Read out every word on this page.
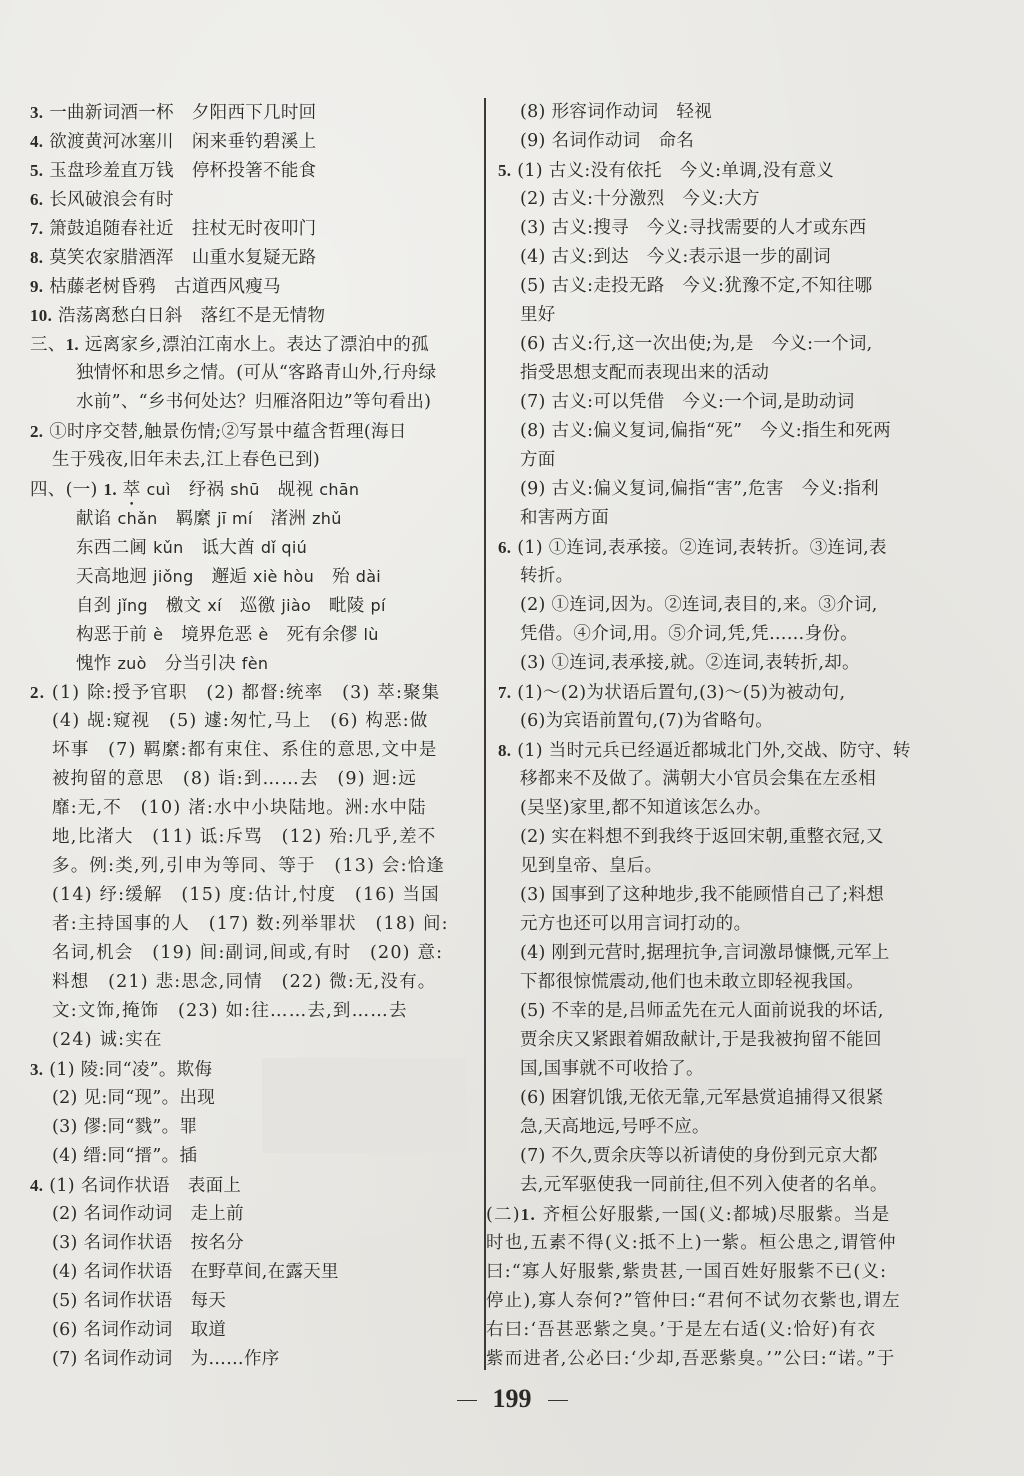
3. 一曲新词酒一杯 夕阳西下几时回
4. 欲渡黄河冰塞川 闲来垂钓碧溪上
5. 玉盘珍羞直万钱 停杯投箸不能食
6. 长风破浪会有时
7. 箫鼓追随春社近 拄杖无时夜叩门
8. 莫笑农家腊酒浑 山重水复疑无路
9. 枯藤老树昏鸦 古道西风瘦马
10. 浩荡离愁白日斜 落红不是无情物
三、1. 远离家乡,漂泊江南水上。表达了漂泊中的孤
独情怀和思乡之情。(可从“客路青山外,行舟绿
水前”、“乡书何处达？归雁洛阳边”等句看出)
2. ①时序交替,触景伤情;②写景中蕴含哲理(海日
生于残夜,旧年未去,江上春色已到)
四、(一) 1. 萃 cuì 纾祸 shū 觇视 chān
献谄 chǎn 羁縻 jī mí 渚洲 zhǔ
东西二阃 kǔn 诋大酋 dǐ qiú
天高地迥 jiǒng 邂逅 xiè hòu 殆 dài
自刭 jǐng 檄文 xí 巡徼 jiào 毗陵 pí
构恶于前 è 境界危恶 è 死有余僇 lù
愧怍 zuò 分当引决 fèn
2. (1) 除:授予官职　(2) 都督:统率　(3) 萃:聚集
(4) 觇:窥视　(5) 遽:匆忙,马上　(6) 构恶:做
坏事　(7) 羁縻:都有束住、系住的意思,文中是
被拘留的意思　(8) 诣:到……去　(9) 迥:远
靡:无,不　(10) 渚:水中小块陆地。洲:水中陆
地,比渚大　(11) 诋:斥骂　(12) 殆:几乎,差不
多。例:类,列,引申为等同、等于　(13) 会:恰逢
(14) 纾:缓解　(15) 度:估计,忖度　(16) 当国
者:主持国事的人　(17) 数:列举罪状　(18) 间:
名词,机会　(19) 间:副词,间或,有时　(20) 意:
料想　(21) 悲:思念,同情　(22) 微:无,没有。
文:文饰,掩饰　(23) 如:往……去,到……去
(24) 诚:实在
3. (1) 陵:同“凌”。欺侮
(2) 见:同“现”。出现
(3) 僇:同“戮”。罪
(4) 缙:同“搢”。插
4. (1) 名词作状语 表面上
(2) 名词作动词 走上前
(3) 名词作状语 按名分
(4) 名词作状语 在野草间,在露天里
(5) 名词作状语 每天
(6) 名词作动词 取道
(7) 名词作动词 为……作序
(8) 形容词作动词 轻视
(9) 名词作动词 命名
5. (1) 古义:没有依托　今义:单调,没有意义
(2) 古义:十分激烈　今义:大方
(3) 古义:搜寻　今义:寻找需要的人才或东西
(4) 古义:到达　今义:表示退一步的副词
(5) 古义:走投无路　今义:犹豫不定,不知往哪
里好
(6) 古义:行,这一次出使;为,是　今义:一个词,
指受思想支配而表现出来的活动
(7) 古义:可以凭借　今义:一个词,是助动词
(8) 古义:偏义复词,偏指“死”　今义:指生和死两
方面
(9) 古义:偏义复词,偏指“害”,危害　今义:指利
和害两方面
6. (1) ①连词,表承接。②连词,表转折。③连词,表
转折。
(2) ①连词,因为。②连词,表目的,来。③介词,
凭借。④介词,用。⑤介词,凭,凭……身份。
(3) ①连词,表承接,就。②连词,表转折,却。
7. (1)～(2)为状语后置句,(3)～(5)为被动句,
(6)为宾语前置句,(7)为省略句。
8. (1) 当时元兵已经逼近都城北门外,交战、防守、转
移都来不及做了。满朝大小官员会集在左丞相
(吴坚)家里,都不知道该怎么办。
(2) 实在料想不到我终于返回宋朝,重整衣冠,又
见到皇帝、皇后。
(3) 国事到了这种地步,我不能顾惜自己了;料想
元方也还可以用言词打动的。
(4) 刚到元营时,据理抗争,言词激昂慷慨,元军上
下都很惊慌震动,他们也未敢立即轻视我国。
(5) 不幸的是,吕师孟先在元人面前说我的坏话,
贾余庆又紧跟着媚敌献计,于是我被拘留不能回
国,国事就不可收拾了。
(6) 困窘饥饿,无依无靠,元军悬赏追捕得又很紧
急,天高地远,号呼不应。
(7) 不久,贾余庆等以祈请使的身份到元京大都
去,元军驱使我一同前往,但不列入使者的名单。
(二)1. 齐桓公好服紫,一国(义:都城)尽服紫。当是
时也,五素不得(义:抵不上)一紫。桓公患之,谓管仲
曰:“寡人好服紫,紫贵甚,一国百姓好服紫不已(义:
停止),寡人奈何?”管仲曰:“君何不试勿衣紫也,谓左
右曰:‘吾甚恶紫之臭。’于是左右适(义:恰好)有衣
紫而进者,公必曰:‘少却,吾恶紫臭。’”公曰:“诺。”于
199
